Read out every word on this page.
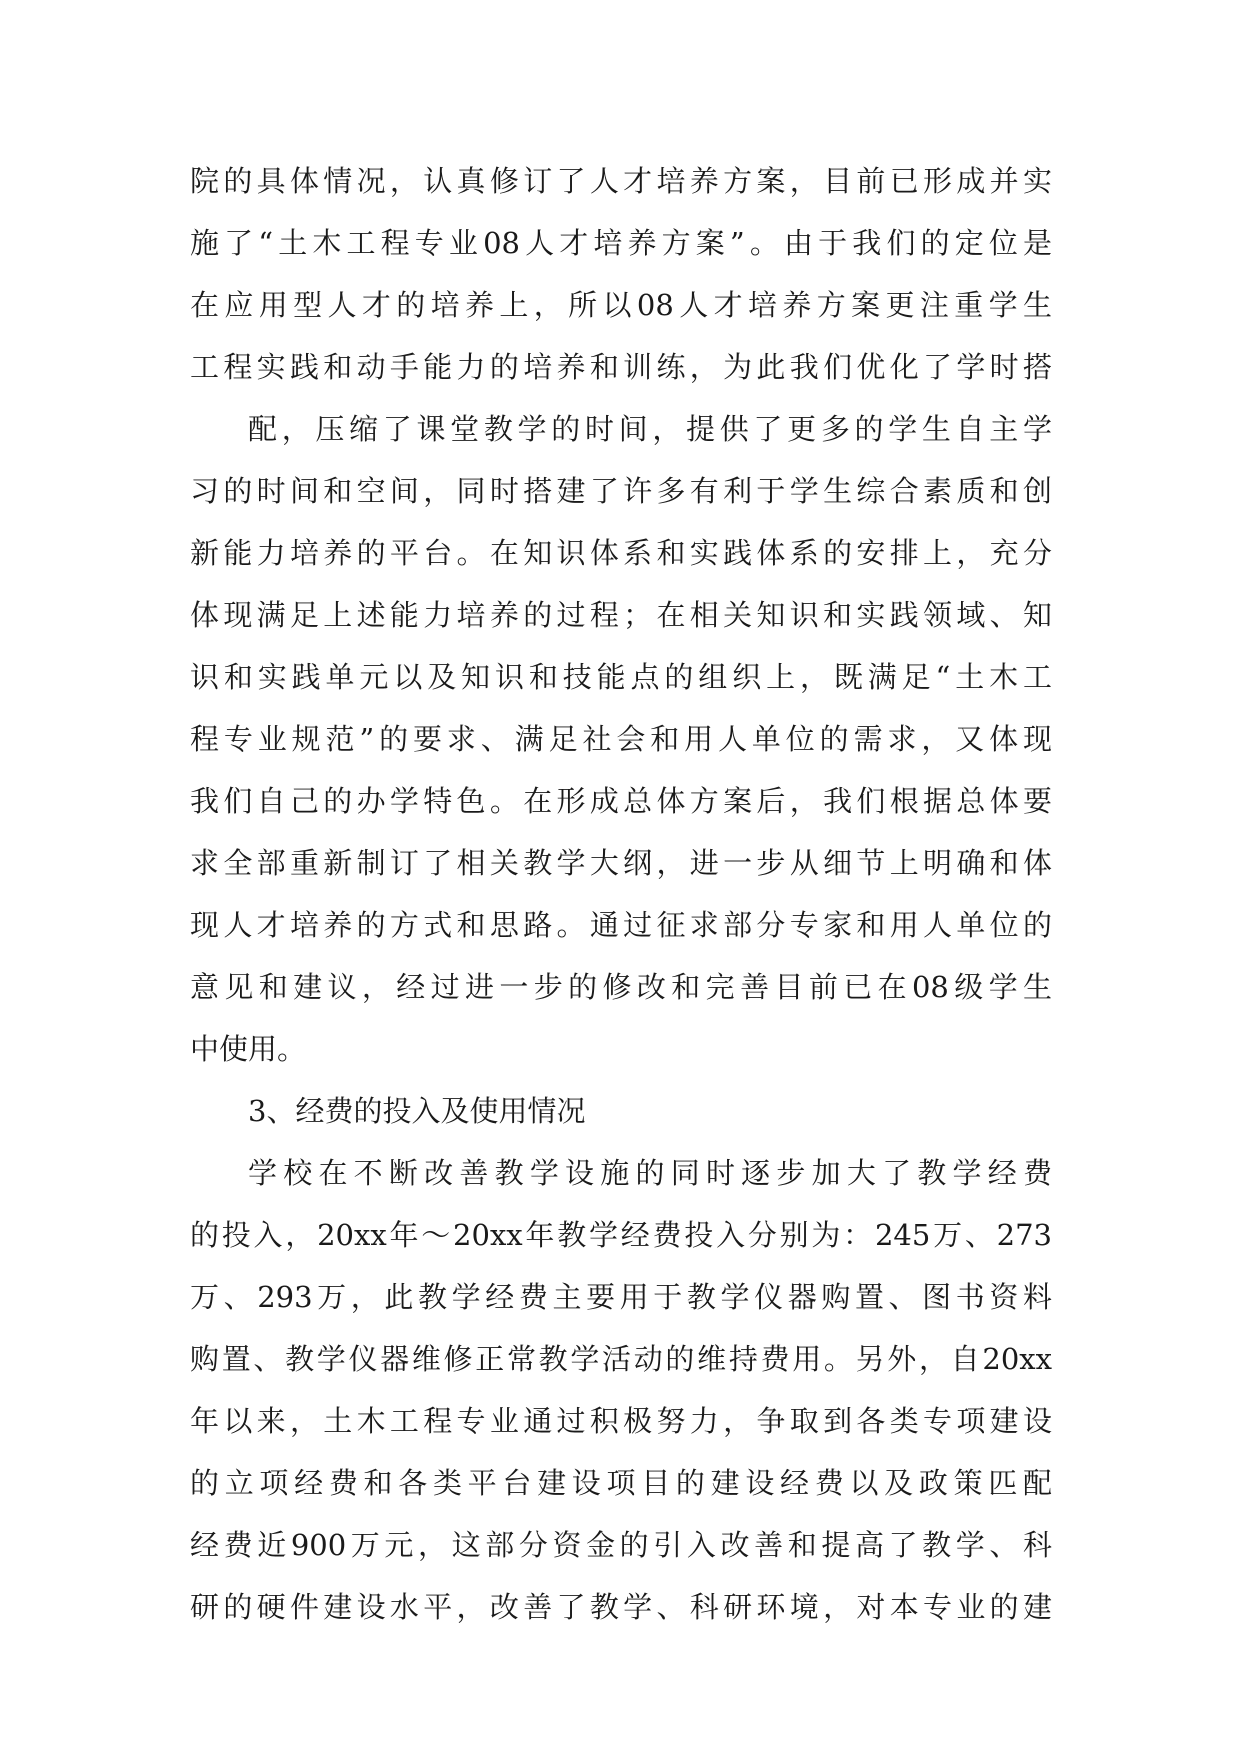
院的具体情况，认真修订了人才培养方案，目前已形成并实
施了“土木工程专业08人才培养方案”。由于我们的定位是
在应用型人才的培养上，所以08人才培养方案更注重学生
工程实践和动手能力的培养和训练，为此我们优化了学时搭
配，压缩了课堂教学的时间，提供了更多的学生自主学
习的时间和空间，同时搭建了许多有利于学生综合素质和创
新能力培养的平台。在知识体系和实践体系的安排上，充分
体现满足上述能力培养的过程；在相关知识和实践领域、知
识和实践单元以及知识和技能点的组织上，既满足“土木工
程专业规范”的要求、满足社会和用人单位的需求，又体现
我们自己的办学特色。在形成总体方案后，我们根据总体要
求全部重新制订了相关教学大纲，进一步从细节上明确和体
现人才培养的方式和思路。通过征求部分专家和用人单位的
意见和建议，经过进一步的修改和完善目前已在08级学生
中使用。
3、经费的投入及使用情况
学校在不断改善教学设施的同时逐步加大了教学经费
的投入，20xx年～20xx年教学经费投入分别为：245万、273
万、293万，此教学经费主要用于教学仪器购置、图书资料
购置、教学仪器维修正常教学活动的维持费用。另外，自20xx
年以来，土木工程专业通过积极努力，争取到各类专项建设
的立项经费和各类平台建设项目的建设经费以及政策匹配
经费近900万元，这部分资金的引入改善和提高了教学、科
研的硬件建设水平，改善了教学、科研环境，对本专业的建
